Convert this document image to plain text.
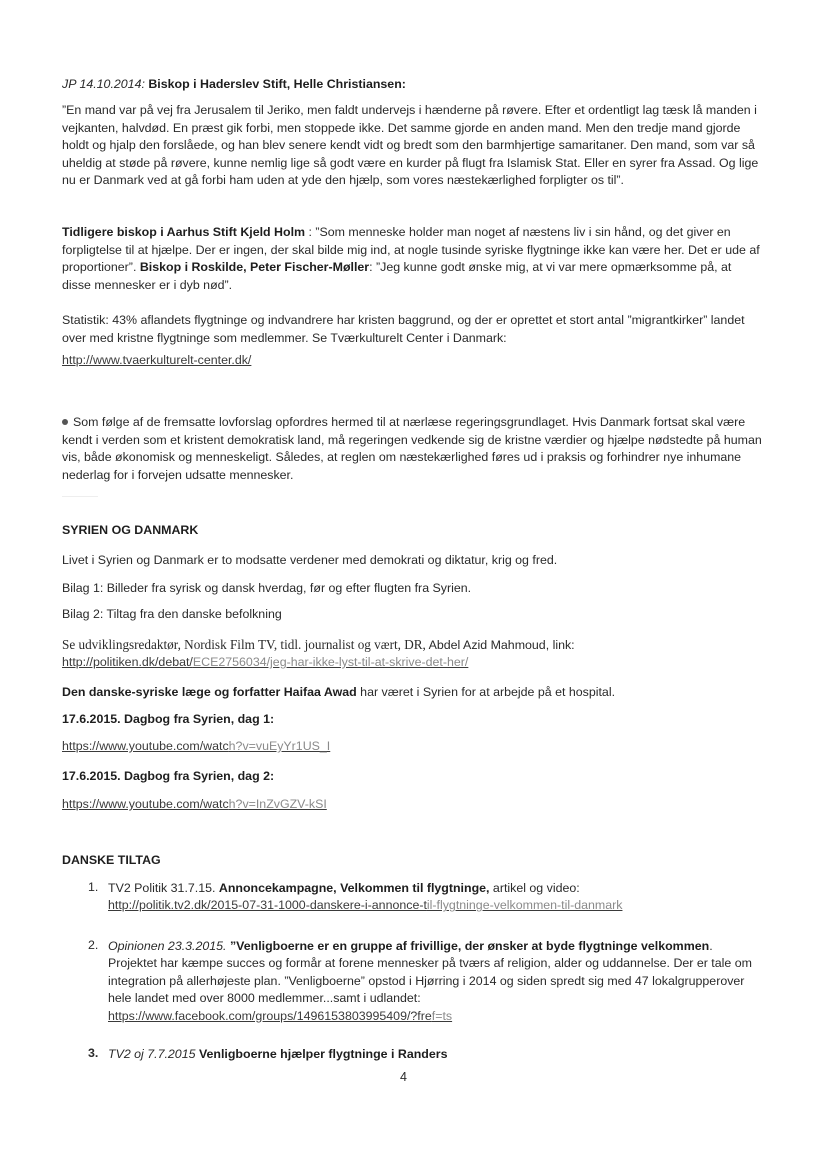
JP 14.10.2014: Biskop i Haderslev Stift, Helle Christiansen:
”En mand var på vej fra Jerusalem til Jeriko, men faldt undervejs i hænderne på røvere. Efter et ordentligt lag tæsk lå manden i vejkanten, halvdød. En præst gik forbi, men stoppede ikke. Det samme gjorde en anden mand. Men den tredje mand gjorde holdt og hjalp den forslåede, og han blev senere kendt vidt og bredt som den barmhjertige samaritaner. Den mand, som var så uheldig at støde på røvere, kunne nemlig lige så godt være en kurder på flugt fra Islamisk Stat. Eller en syrer fra Assad. Og lige nu er Danmark ved at gå forbi ham uden at yde den hjælp, som vores næstekærlighed forpligter os til”.
Tidligere biskop i Aarhus Stift Kjeld Holm : ”Som menneske holder man noget af næstens liv i sin hånd, og det giver en forpligtelse til at hjælpe. Der er ingen, der skal bilde mig ind, at nogle tusinde syriske flygtninge ikke kan være her. Det er ude af proportioner”. Biskop i Roskilde, Peter Fischer-Møller: ”Jeg kunne godt ønske mig, at vi var mere opmærksomme på, at disse mennesker er i dyb nød”.
Statistik: 43% aflandets flygtninge og indvandrere har kristen baggrund, og der er oprettet et stort antal ”migrantkirker” landet over med kristne flygtninge som medlemmer. Se Tværkulturelt Center i Danmark:
http://www.tvaerkulturelt-center.dk/
Som følge af de fremsatte lovforslag opfordres hermed til at nærlæse regeringsgrundlaget. Hvis Danmark fortsat skal være kendt i verden som et kristent demokratisk land, må regeringen vedkende sig de kristne værdier og hjælpe nødstedte på human vis, både økonomisk og menneskeligt. Således, at reglen om næstekærlighed føres ud i praksis og forhindrer nye inhumane nederlag for i forvejen udsatte mennesker.
SYRIEN OG DANMARK
Livet i Syrien og Danmark er to modsatte verdener med demokrati og diktatur, krig og fred.
Bilag 1: Billeder fra syrisk og dansk hverdag, før og efter flugten fra Syrien.
Bilag 2: Tiltag fra den danske befolkning
Se udviklingsredaktør, Nordisk Film TV, tidl. journalist og vært, DR, Abdel Azid Mahmoud, link:
http://politiken.dk/debat/ECE2756034/jeg-har-ikke-lyst-til-at-skrive-det-her/
Den danske-syriske læge og forfatter Haifaa Awad har været i Syrien for at arbejde på et hospital.
17.6.2015. Dagbog fra Syrien, dag 1:
https://www.youtube.com/watch?v=vuEyYr1US_I
17.6.2015. Dagbog fra Syrien, dag 2:
https://www.youtube.com/watch?v=InZvGZV-kSI
DANSKE TILTAG
1. TV2 Politik 31.7.15. Annoncekampagne, Velkommen til flygtninge, artikel og video:
http://politik.tv2.dk/2015-07-31-1000-danskere-i-annonce-til-flygtninge-velkommen-til-danmark
2. Opinionen 23.3.2015. ”Venligboerne er en gruppe af frivillige, der ønsker at byde flygtninge velkommen. Projektet har kæmpe succes og formår at forene mennesker på tværs af religion, alder og uddannelse. Der er tale om integration på allerhøjeste plan. ”Venligboerne” opstod i Hjørring i 2014 og siden spredt sig med 47 lokalgrupperover hele landet med over 8000 medlemmer...samt i udlandet:
https://www.facebook.com/groups/1496153803995409/?fref=ts
3. TV2 oj 7.7.2015 Venligboerne hjælper flygtninge i Randers
4
